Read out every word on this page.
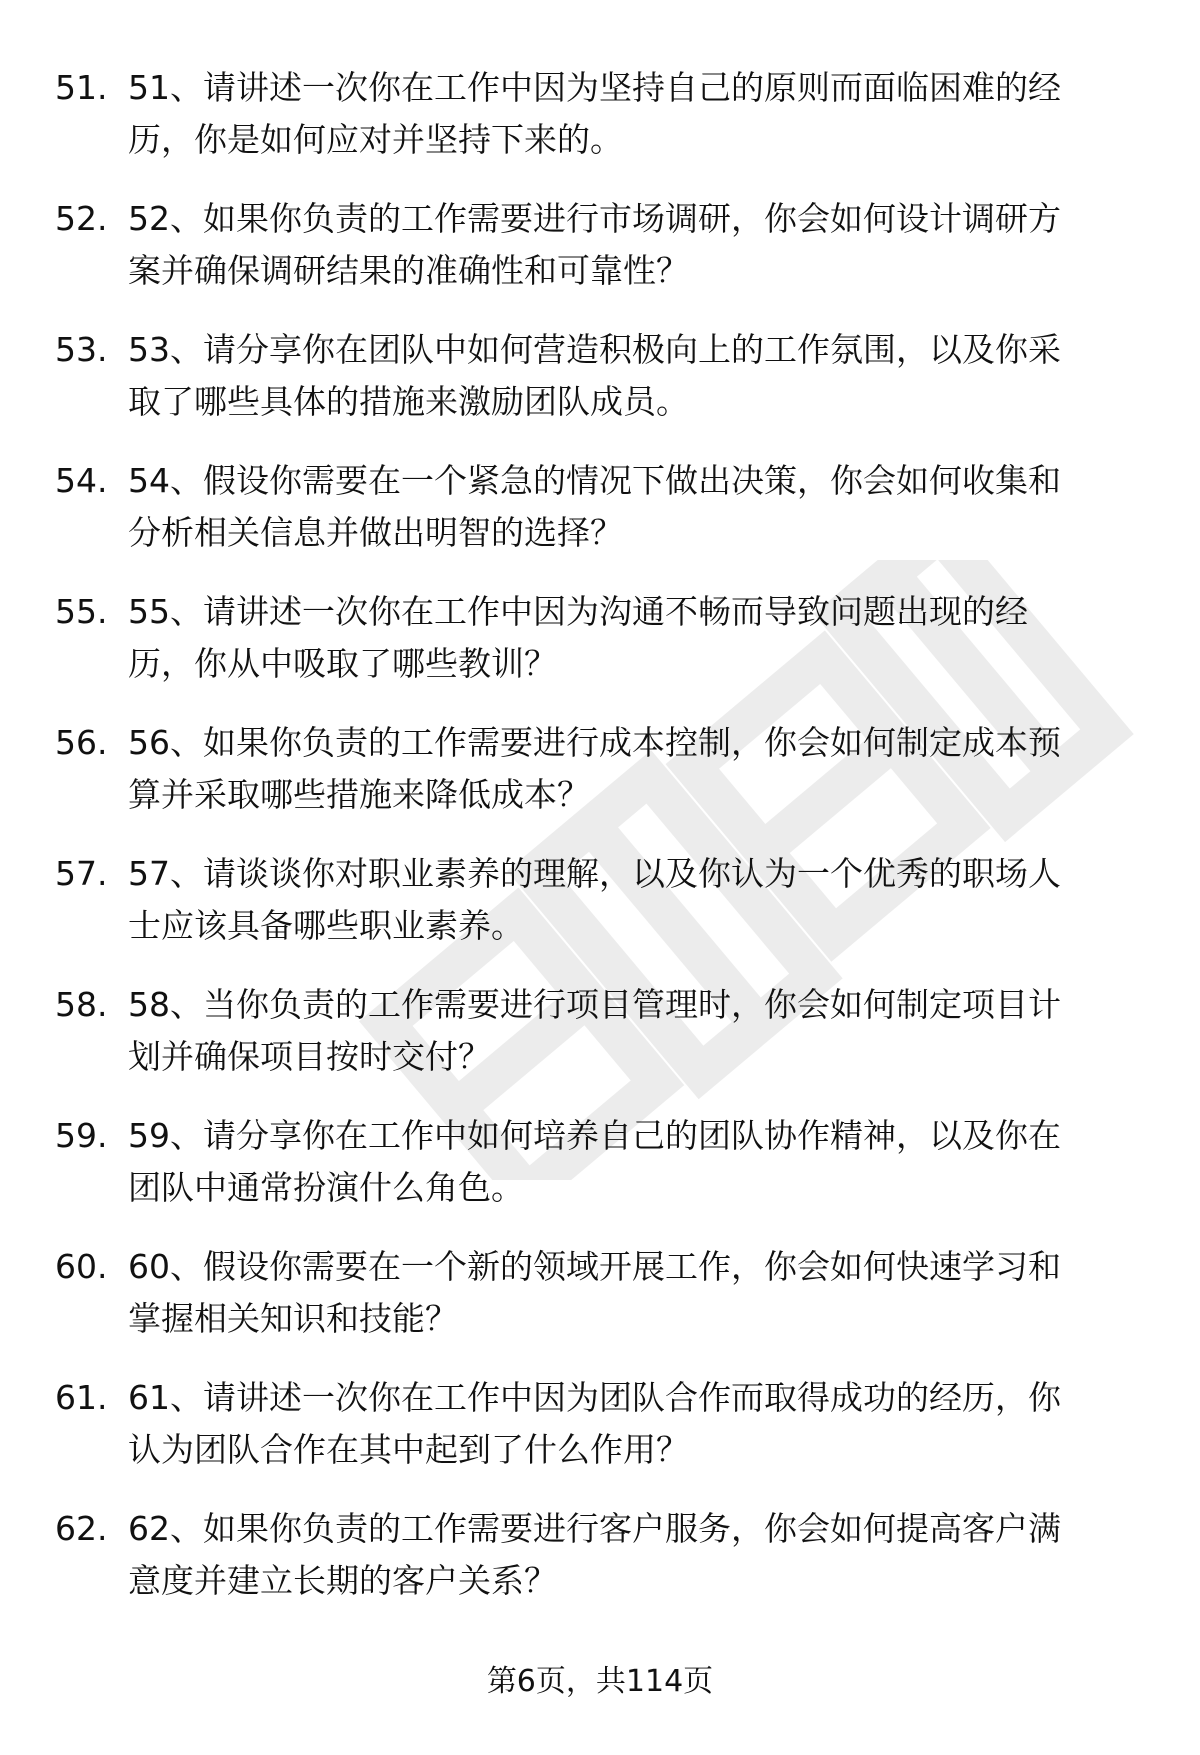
51. 51、请讲述一次你在工作中因为坚持自己的原则而面临困难的经
历，你是如何应对并坚持下来的。
52. 52、如果你负责的工作需要进行市场调研，你会如何设计调研方
案并确保调研结果的准确性和可靠性？
53. 53、请分享你在团队中如何营造积极向上的工作氛围，以及你采
取了哪些具体的措施来激励团队成员。
54. 54、假设你需要在一个紧急的情况下做出决策，你会如何收集和
分析相关信息并做出明智的选择？
55. 55、请讲述一次你在工作中因为沟通不畅而导致问题出现的经
历，你从中吸取了哪些教训？
56. 56、如果你负责的工作需要进行成本控制，你会如何制定成本预
算并采取哪些措施来降低成本？
57. 57、请谈谈你对职业素养的理解，以及你认为一个优秀的职场人
士应该具备哪些职业素养。
58. 58、当你负责的工作需要进行项目管理时，你会如何制定项目计
划并确保项目按时交付？
59. 59、请分享你在工作中如何培养自己的团队协作精神，以及你在
团队中通常扮演什么角色。
60. 60、假设你需要在一个新的领域开展工作，你会如何快速学习和
掌握相关知识和技能？
61. 61、请讲述一次你在工作中因为团队合作而取得成功的经历，你
认为团队合作在其中起到了什么作用？
62. 62、如果你负责的工作需要进行客户服务，你会如何提高客户满
意度并建立长期的客户关系？
第6页，共114页
